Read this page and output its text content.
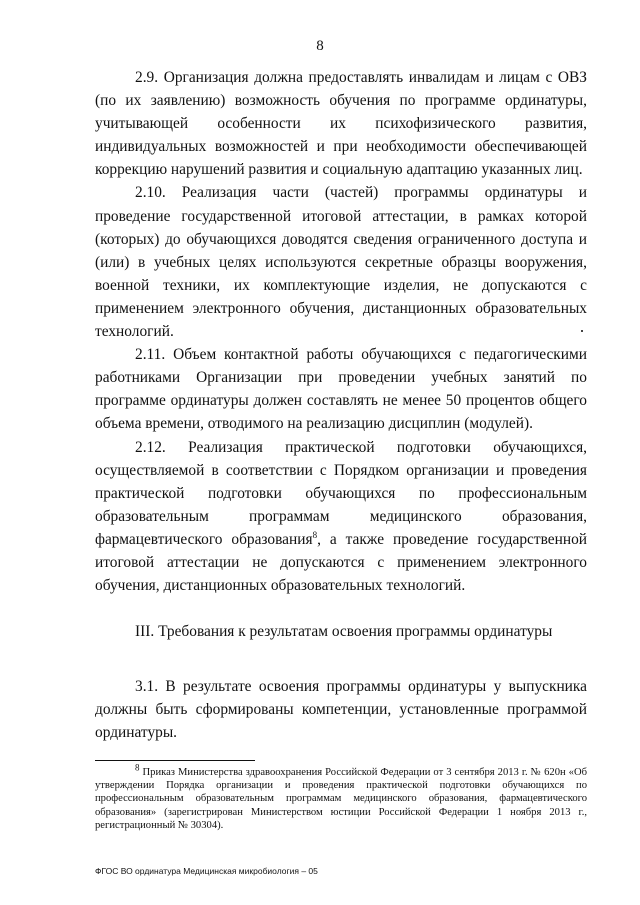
8

2.9. Организация должна предоставлять инвалидам и лицам с ОВЗ (по их заявлению) возможность обучения по программе ординатуры, учитывающей особенности их психофизического развития, индивидуальных возможностей и при необходимости обеспечивающей коррекцию нарушений развития и социальную адаптацию указанных лиц.

2.10. Реализация части (частей) программы ординатуры и проведение государственной итоговой аттестации, в рамках которой (которых) до обучающихся доводятся сведения ограниченного доступа и (или) в учебных целях используются секретные образцы вооружения, военной техники, их комплектующие изделия, не допускаются с применением электронного обучения, дистанционных образовательных технологий.

2.11. Объем контактной работы обучающихся с педагогическими работниками Организации при проведении учебных занятий по программе ординатуры должен составлять не менее 50 процентов общего объема времени, отводимого на реализацию дисциплин (модулей).

2.12. Реализация практической подготовки обучающихся, осуществляемой в соответствии с Порядком организации и проведения практической подготовки обучающихся по профессиональным образовательным программам медицинского образования, фармацевтического образования$^8$, а также проведение государственной итоговой аттестации не допускаются с применением электронного обучения, дистанционных образовательных технологий.

III. Требования к результатам освоения программы ординатуры

3.1. В результате освоения программы ординатуры у выпускника должны быть сформированы компетенции, установленные программой ординатуры.

$^8$ Приказ Министерства здравоохранения Российской Федерации от 3 сентября 2013 г. № 620н «Об утверждении Порядка организации и проведения практической подготовки обучающихся по профессиональным образовательным программам медицинского образования, фармацевтического образования» (зарегистрирован Министерством юстиции Российской Федерации 1 ноября 2013 г., регистрационный № 30304).

ФГОС ВО ординатура Медицинская микробиология – 05
